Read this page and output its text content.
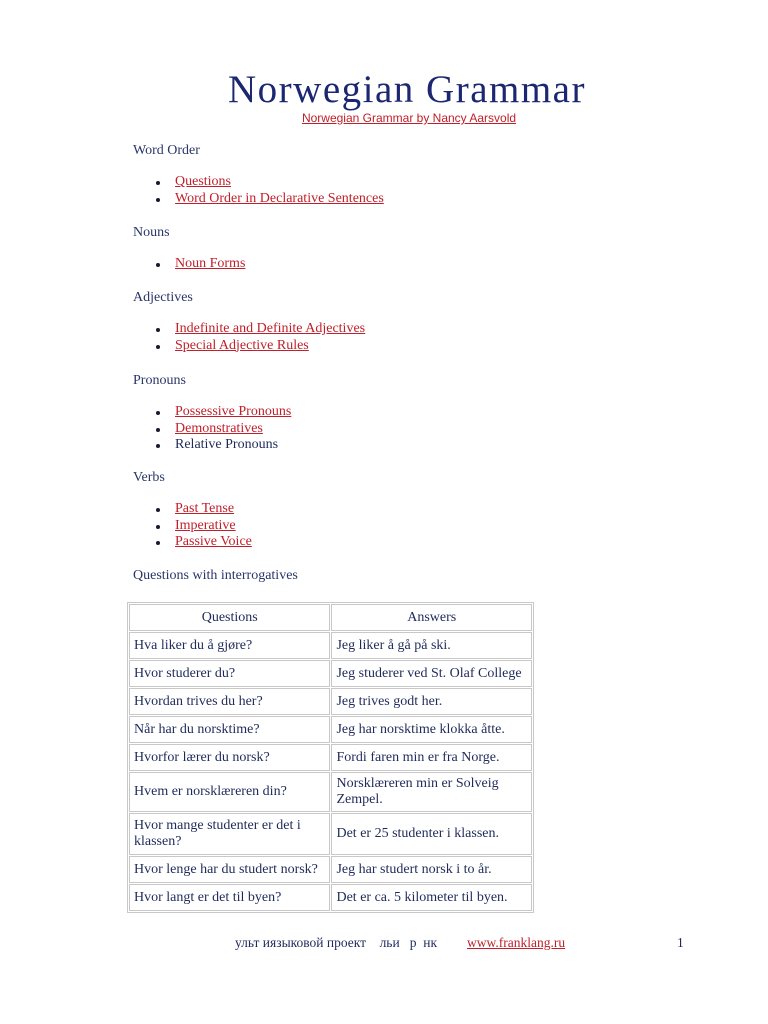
Norwegian Grammar
Norwegian Grammar by Nancy Aarsvold
Word Order
Questions
Word Order in Declarative Sentences
Nouns
Noun Forms
Adjectives
Indefinite and Definite Adjectives
Special Adjective Rules
Pronouns
Possessive Pronouns
Demonstratives
Relative Pronouns
Verbs
Past Tense
Imperative
Passive Voice
Questions with interrogatives
Questions	Answers
Hva liker du å gjøre?	Jeg liker å gå på ski.
Hvor studerer du?	Jeg studerer ved St. Olaf College
Hvordan trives du her?	Jeg trives godt her.
Når har du norsktime?	Jeg har norsktime klokka åtte.
Hvorfor lærer du norsk?	Fordi faren min er fra Norge.
Hvem er norsklæreren din?	Norsklæreren min er Solveig Zempel.
Hvor mange studenter er det i klassen?	Det er 25 studenter i klassen.
Hvor lenge har du studert norsk?	Jeg har studert norsk i to år.
Hvor langt er det til byen?	Det er ca. 5 kilometer til byen.
ульт иязыковой проект    льи   р  нк www.franklang.ru	1
